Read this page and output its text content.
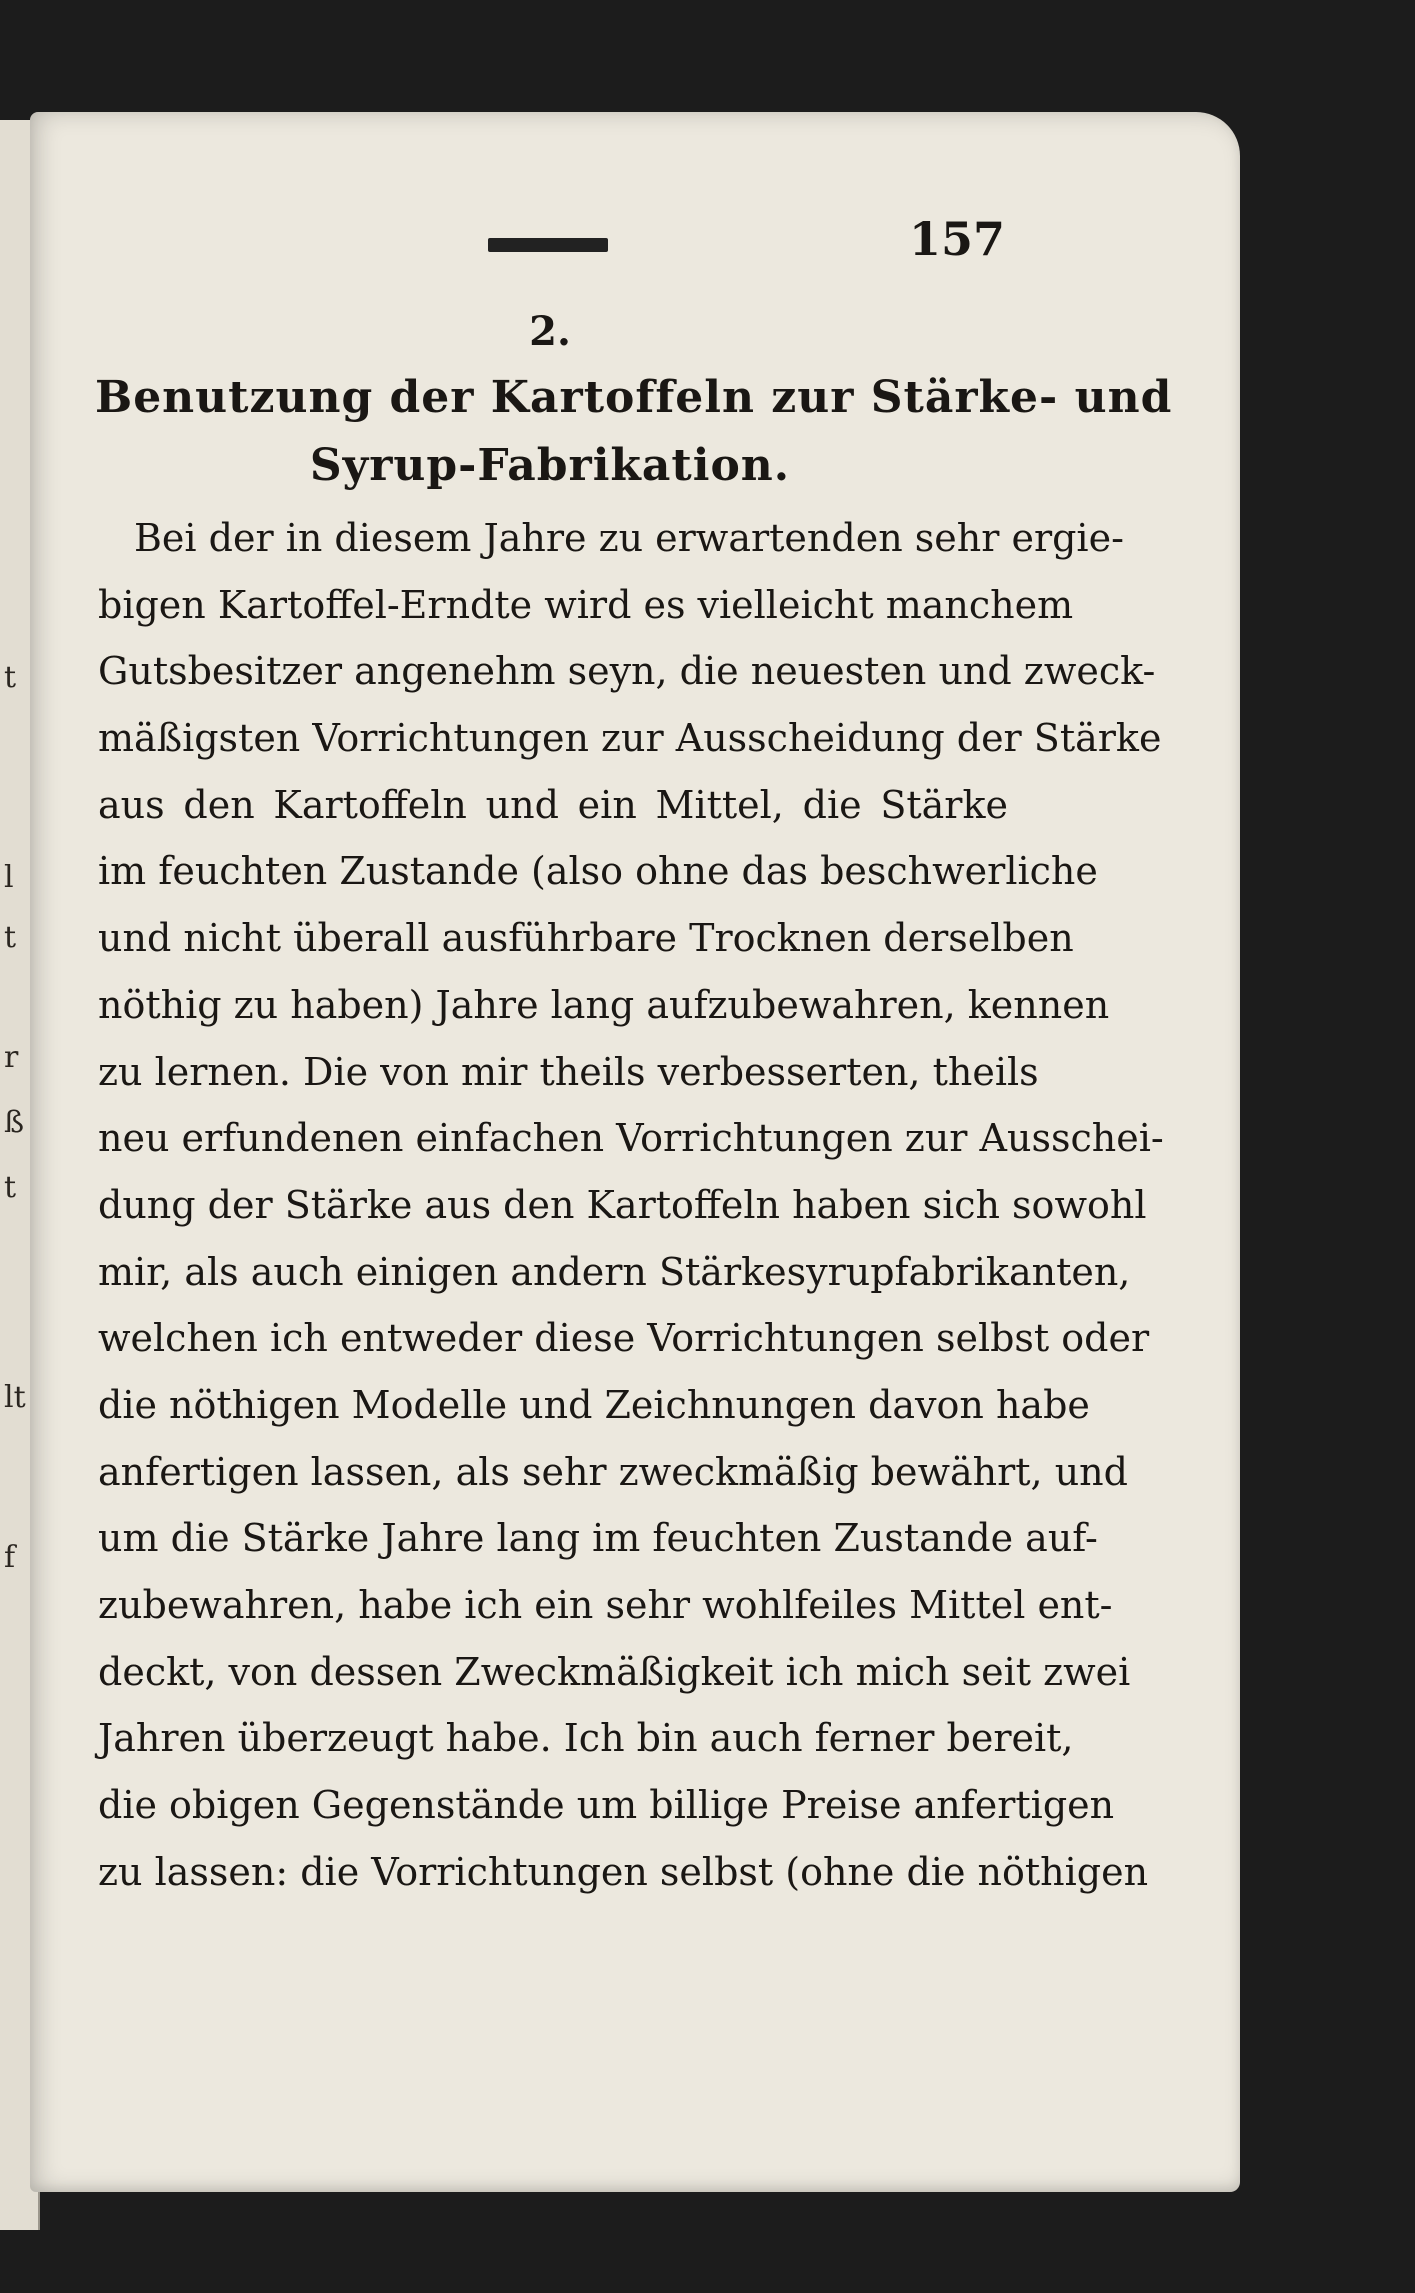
t
l
t
r
ß
t
lt
f
157
2.
Benutzung der Kartoffeln zur Stärke- und
Syrup-Fabrikation.
Bei der in diesem Jahre zu erwartenden sehr ergie-
bigen Kartoffel-Erndte wird es vielleicht manchem
Gutsbesitzer angenehm seyn, die neuesten und zweck-
mäßigsten Vorrichtungen zur Ausscheidung der Stärke
aus den Kartoffeln und ein Mittel, die Stärke
im feuchten Zustande (also ohne das beschwerliche
und nicht überall ausführbare Trocknen derselben
nöthig zu haben) Jahre lang aufzubewahren, kennen
zu lernen. Die von mir theils verbesserten, theils
neu erfundenen einfachen Vorrichtungen zur Ausschei-
dung der Stärke aus den Kartoffeln haben sich sowohl
mir, als auch einigen andern Stärkesyrupfabrikanten,
welchen ich entweder diese Vorrichtungen selbst oder
die nöthigen Modelle und Zeichnungen davon habe
anfertigen lassen, als sehr zweckmäßig bewährt, und
um die Stärke Jahre lang im feuchten Zustande auf-
zubewahren, habe ich ein sehr wohlfeiles Mittel ent-
deckt, von dessen Zweckmäßigkeit ich mich seit zwei
Jahren überzeugt habe. Ich bin auch ferner bereit,
die obigen Gegenstände um billige Preise anfertigen
zu lassen: die Vorrichtungen selbst (ohne die nöthigen
